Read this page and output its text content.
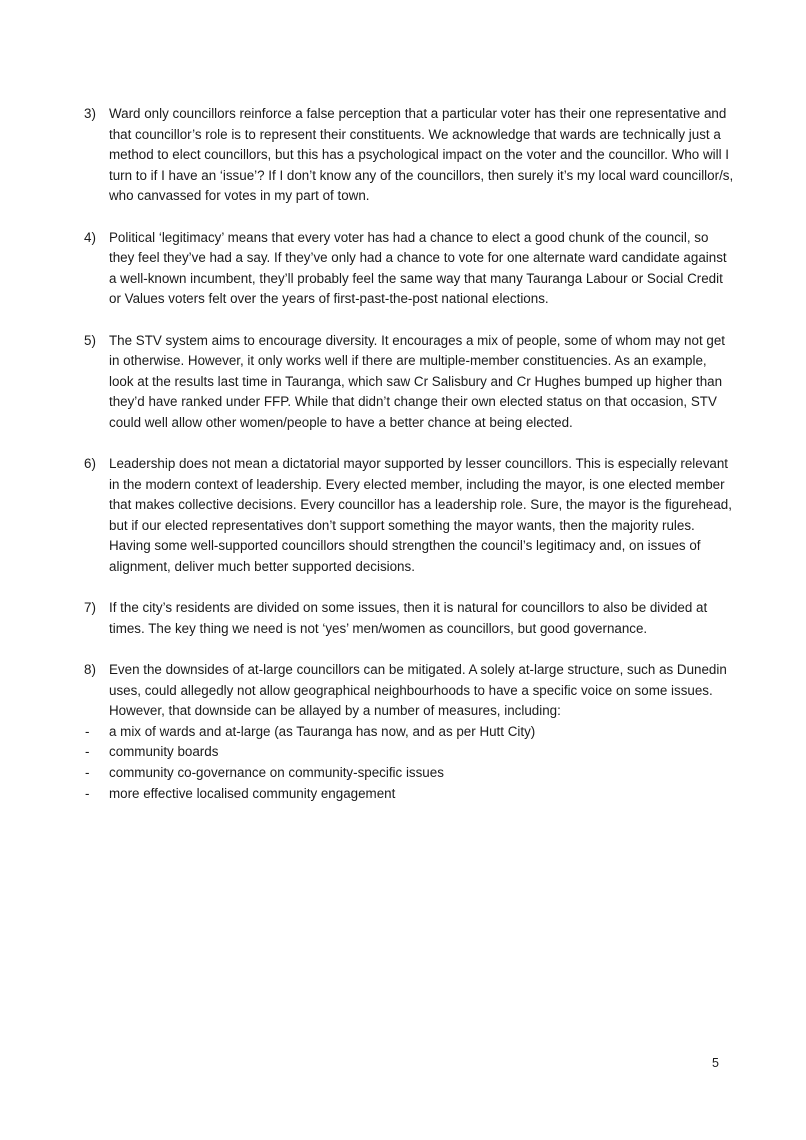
3) Ward only councillors reinforce a false perception that a particular voter has their one representative and that councillor’s role is to represent their constituents. We acknowledge that wards are technically just a method to elect councillors, but this has a psychological impact on the voter and the councillor. Who will I turn to if I have an ‘issue’? If I don’t know any of the councillors, then surely it’s my local ward councillor/s, who canvassed for votes in my part of town.
4) Political ‘legitimacy’ means that every voter has had a chance to elect a good chunk of the council, so they feel they’ve had a say. If they’ve only had a chance to vote for one alternate ward candidate against a well-known incumbent, they’ll probably feel the same way that many Tauranga Labour or Social Credit or Values voters felt over the years of first-past-the-post national elections.
5) The STV system aims to encourage diversity. It encourages a mix of people, some of whom may not get in otherwise. However, it only works well if there are multiple-member constituencies. As an example, look at the results last time in Tauranga, which saw Cr Salisbury and Cr Hughes bumped up higher than they’d have ranked under FFP. While that didn’t change their own elected status on that occasion, STV could well allow other women/people to have a better chance at being elected.
6) Leadership does not mean a dictatorial mayor supported by lesser councillors. This is especially relevant in the modern context of leadership. Every elected member, including the mayor, is one elected member that makes collective decisions. Every councillor has a leadership role. Sure, the mayor is the figurehead, but if our elected representatives don’t support something the mayor wants, then the majority rules. Having some well-supported councillors should strengthen the council’s legitimacy and, on issues of alignment, deliver much better supported decisions.
7) If the city’s residents are divided on some issues, then it is natural for councillors to also be divided at times. The key thing we need is not ‘yes’ men/women as councillors, but good governance.
8) Even the downsides of at-large councillors can be mitigated. A solely at-large structure, such as Dunedin uses, could allegedly not allow geographical neighbourhoods to have a specific voice on some issues. However, that downside can be allayed by a number of measures, including:
- a mix of wards and at-large (as Tauranga has now, and as per Hutt City)
- community boards
- community co-governance on community-specific issues
- more effective localised community engagement
5
